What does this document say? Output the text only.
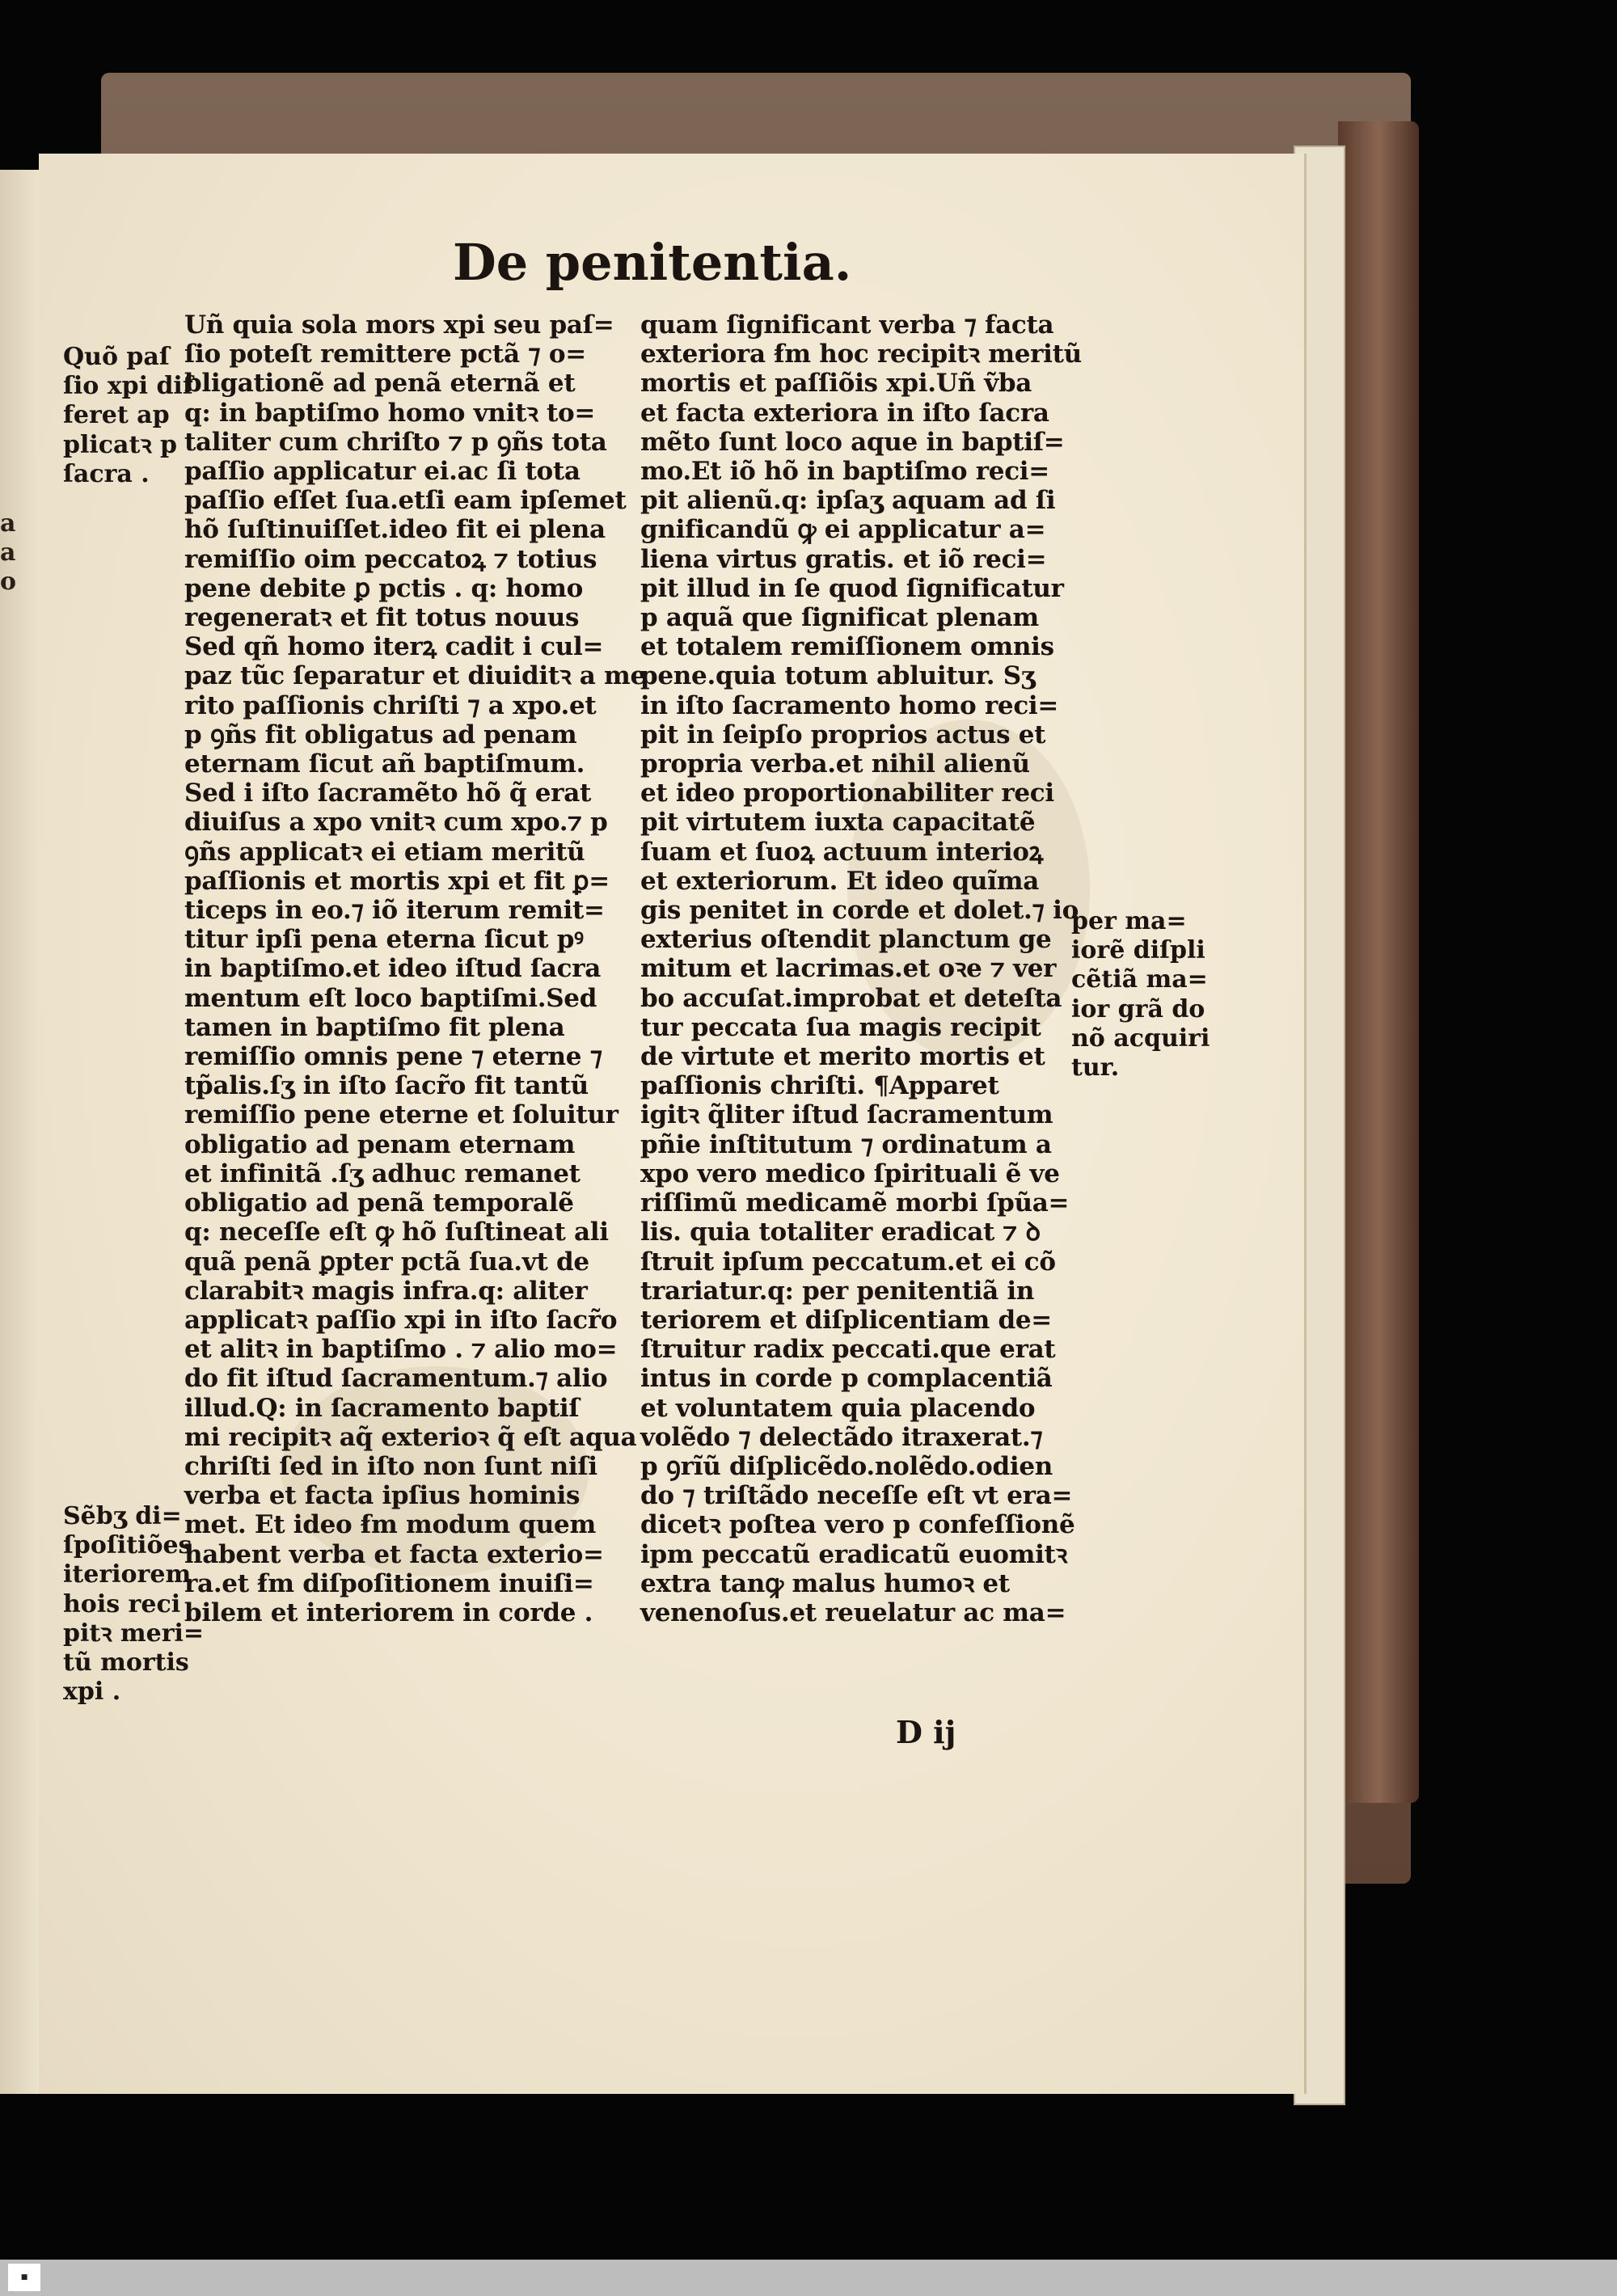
a
a
o
De penitentia.
Uñ quia sola mors xpi seu paſ=
ſio poteſt remittere pctã ⁊ o=
bligationẽ ad penã eternã et
q: in baptiſmo homo vnitꝛ to=
taliter cum chriſto ⁊ p ꝯñs tota
paſſio applicatur ei.ac ſi tota
paſſio eſſet ſua.etſi eam ipſemet
hõ ſuſtinuiſſet.ideo fit ei plena
remiſſio oim peccatoꝝ ⁊ totius
pene debite ꝑ pctis . q: homo
regeneratꝛ et fit totus nouus
Sed qñ homo iterꝝ cadit i cul=
paz tũc ſeparatur et diuiditꝛ a me
rito paſſionis chriſti ⁊ a xpo.et
p ꝯñs fit obligatus ad penam
eternam ſicut añ baptiſmum.
Sed i iſto ſacramẽto hõ q̃ erat
diuiſus a xpo vnitꝛ cum xpo.⁊ p
ꝯñs applicatꝛ ei etiam meritũ
paſſionis et mortis xpi et fit ꝑ=
ticeps in eo.⁊ iõ iterum remit=
titur ipſi pena eterna ſicut pꝰ
in baptiſmo.et ideo iſtud ſacra
mentum eſt loco baptiſmi.Sed
tamen in baptiſmo fit plena
remiſſio omnis pene ⁊ eterne ⁊
tp̃alis.ſʒ in iſto ſacr̃o fit tantũ
remiſſio pene eterne et ſoluitur
obligatio ad penam eternam
et infinitã .ſʒ adhuc remanet
obligatio ad penã temporalẽ
q: neceſſe eſt ꝙ hõ ſuſtineat ali
quã penã ꝑpter pctã ſua.vt de
clarabitꝛ magis infra.q: aliter
applicatꝛ paſſio xpi in iſto ſacr̃o
et alitꝛ in baptiſmo . ⁊ alio mo=
do fit iſtud ſacramentum.⁊ alio
illud.Q: in ſacramento baptiſ
mi recipitꝛ aq̃ exterioꝛ q̃ eſt aqua
chriſti ſed in iſto non ſunt niſi
verba et facta ipſius hominis
met. Et ideo ẜm modum quem
habent verba et facta exterio=
ra.et ẜm diſpoſitionem inuiſi=
bilem et interiorem in corde .
quam ſignificant verba ⁊ facta
exteriora ẜm hoc recipitꝛ meritũ
mortis et paſſiõis xpi.Uñ ṽba
et facta exteriora in iſto ſacra
mẽto ſunt loco aque in baptiſ=
mo.Et iõ hõ in baptiſmo reci=
pit alienũ.q: ipſaʒ aquam ad ſi
gnificandũ ꝙ ei applicatur a=
liena virtus gratis. et iõ reci=
pit illud in ſe quod ſignificatur
p aquã que ſignificat plenam
et totalem remiſſionem omnis
pene.quia totum abluitur. Sʒ
in iſto ſacramento homo reci=
pit in ſeipſo proprios actus et
propria verba.et nihil alienũ
et ideo proportionabiliter reci
pit virtutem iuxta capacitatẽ
ſuam et ſuoꝝ actuum interioꝝ
et exteriorum. Et ideo quĩma
gis penitet in corde et dolet.⁊ io
exterius oſtendit planctum ge
mitum et lacrimas.et oꝛe ⁊ ver
bo accuſat.improbat et deteſta
tur peccata ſua magis recipit
de virtute et merito mortis et
paſſionis chriſti. ¶Apparet
igitꝛ q̃liter iſtud ſacramentum
pñie inſtitutum ⁊ ordinatum a
xpo vero medico ſpirituali ẽ ve
riſſimũ medicamẽ morbi ſpũa=
lis. quia totaliter eradicat ⁊ ꝺ
ſtruit ipſum peccatum.et ei cõ
trariatur.q: per penitentiã in
teriorem et diſplicentiam de=
ſtruitur radix peccati.que erat
intus in corde p complacentiã
et voluntatem quia placendo
volẽdo ⁊ delectãdo itraxerat.⁊
p ꝯrĩũ diſplicẽdo.nolẽdo.odien
do ⁊ triſtãdo neceſſe eſt vt era=
dicetꝛ poſtea vero p confeſſionẽ
ipm peccatũ eradicatũ euomitꝛ
extra tanꝙ malus humoꝛ et
venenoſus.et reuelatur ac ma=
Quõ paſ
ſio xpi dif
feret ap
plicatꝛ p
ſacra .
Sẽbʒ di=
ſpoſitiões
iteriorem
hois reci
pitꝛ meri=
tũ mortis
xpi .
per ma=
iorẽ diſpli
cẽtiã ma=
ior grã do
nõ acquiri
tur.
D ij
■
